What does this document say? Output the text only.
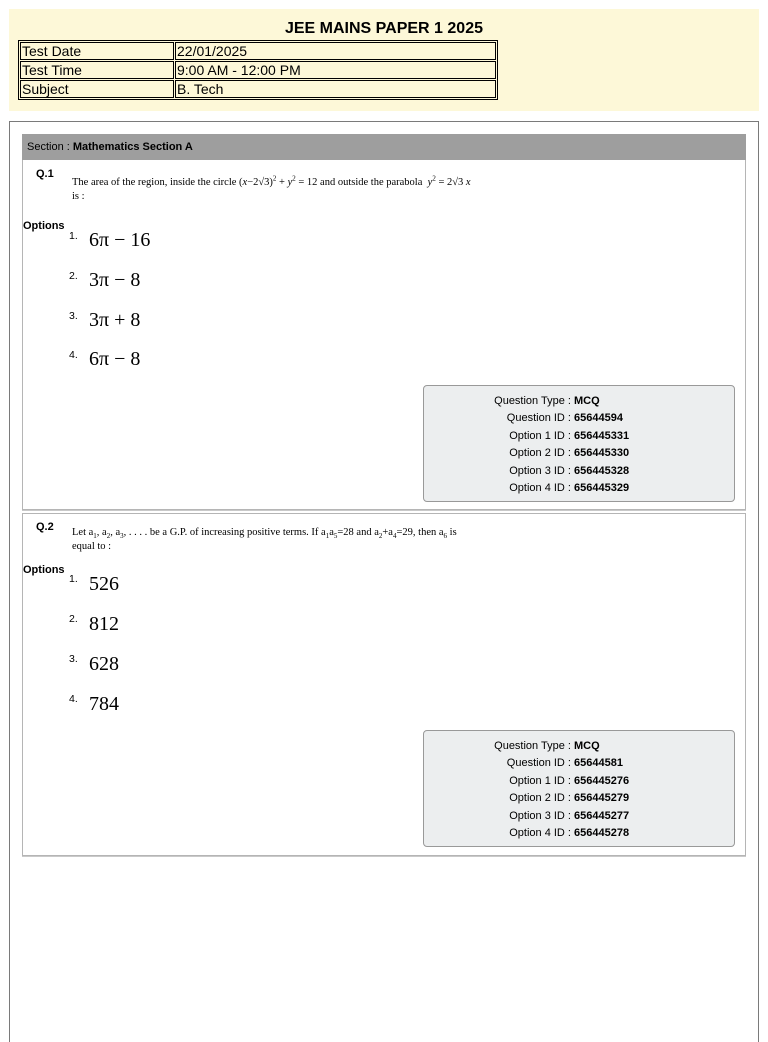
JEE MAINS PAPER 1 2025
Test Date	22/01/2025
Test Time	9:00 AM - 12:00 PM
Subject	B. Tech
Section : Mathematics Section A
Q.1
The area of the region, inside the circle $(x-2√3)^2 + y^2 = 12$ and outside the parabola $y^2 = 2√3$ x
is :
Options
1. 6π − 16
2. 3π − 8
3. 3π + 8
4. 6π − 8
Question Type : MCQ
Question ID : 65644594
Option 1 ID : 656445331
Option 2 ID : 656445330
Option 3 ID : 656445328
Option 4 ID : 656445329
Q.2 Let $a_1$, $a_2$, $a_3$, . . . . be a G.P. of increasing positive terms. If $a_1a_5=28$ and $a_2+a_4=29$, then $a_6$ is
equal to :
Options
1. 526
2. 812
3. 628
4. 784
Question Type : MCQ
Question ID : 65644581
Option 1 ID : 656445276
Option 2 ID : 656445279
Option 3 ID : 656445277
Option 4 ID : 656445278
